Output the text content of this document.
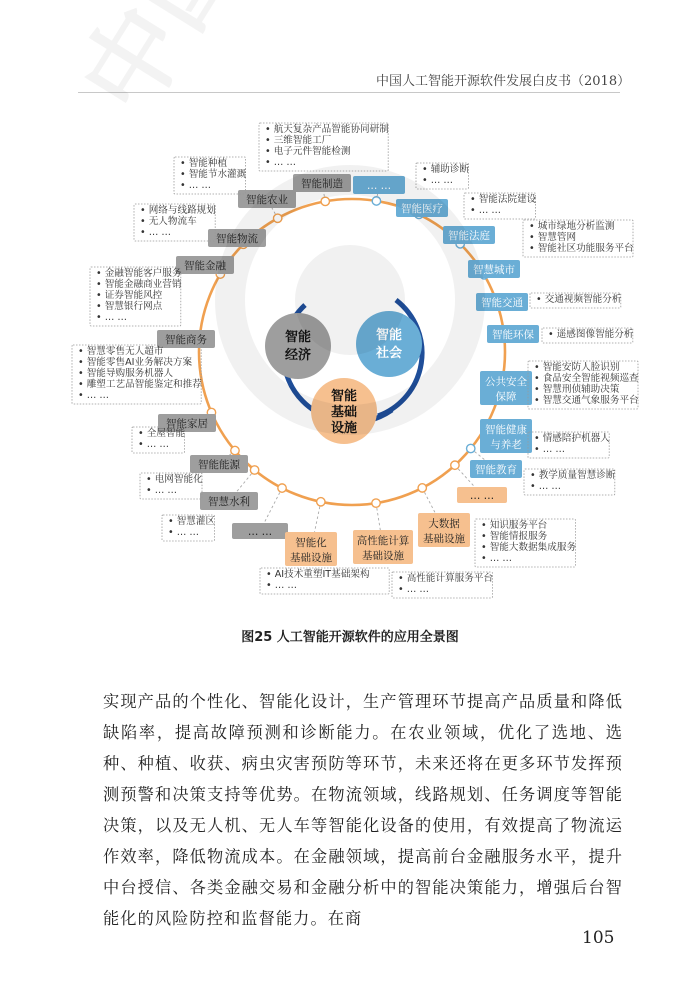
中国人工智能开源软件发展白皮书（2018）
智能
经济
智能
社会
智能
基础
设施
智能制造
智能农业
智能物流
智能金融
智能商务
智能家居
智能能源
智慧水利
… …
… …
智能医疗
智能法庭
智慧城市
智能交通
智能环保
公共安全
保障
智能健康
与养老
智能教育
… …
大数据
基础设施
高性能计算
基础设施
智能化
基础设施
• 航天复杂产品智能协同研制
• 三维智能工厂
• 电子元件智能检测
• … …
• 智能种植
• 智能节水灌溉
• … …
• 网络与线路规划
• 无人物流车
• … …
• 金融智能客户服务
• 智能金融商业营销
• 证券智能风控
• 智慧银行网点
• … …
• 智慧零售无人超市
• 智能零售AI业务解决方案
• 智能导购服务机器人
• 雕塑工艺品智能鉴定和推荐
• … …
• 全屋智能
• … …
• 电网智能化
• … …
• 智慧灌区
• … …
• 辅助诊断
• … …
• 智能法院建设
• … …
• 城市绿地分析监测
• 智慧管网
• 智能社区功能服务平台
• 交通视频智能分析
• 遥感图像智能分析
• 智能安防人脸识别
• 食品安全智能视频巡查
• 智慧刑侦辅助决策
• 智慧交通气象服务平台
• 情感陪护机器人
• … …
• 教学质量智慧诊断
• … …
• 知识服务平台
• 智能情报服务
• 智能大数据集成服务
• … …
• 高性能计算服务平台
• … …
• AI技术重塑IT基础架构
• … …
图25 人工智能开源软件的应用全景图

实现产品的个性化、智能化设计，生产管理环节提高产品质量和降低缺陷率，提高故障预测和诊断能力。在农业领域，优化了选地、选种、种植、收获、病虫灾害预防等环节，未来还将在更多环节发挥预测预警和决策支持等优势。在物流领域，线路规划、任务调度等智能决策，以及无人机、无人车等智能化设备的使用，有效提高了物流运作效率，降低物流成本。在金融领域，提高前台金融服务水平，提升中台授信、各类金融交易和金融分析中的智能决策能力，增强后台智能化的风险防控和监督能力。在商

105
